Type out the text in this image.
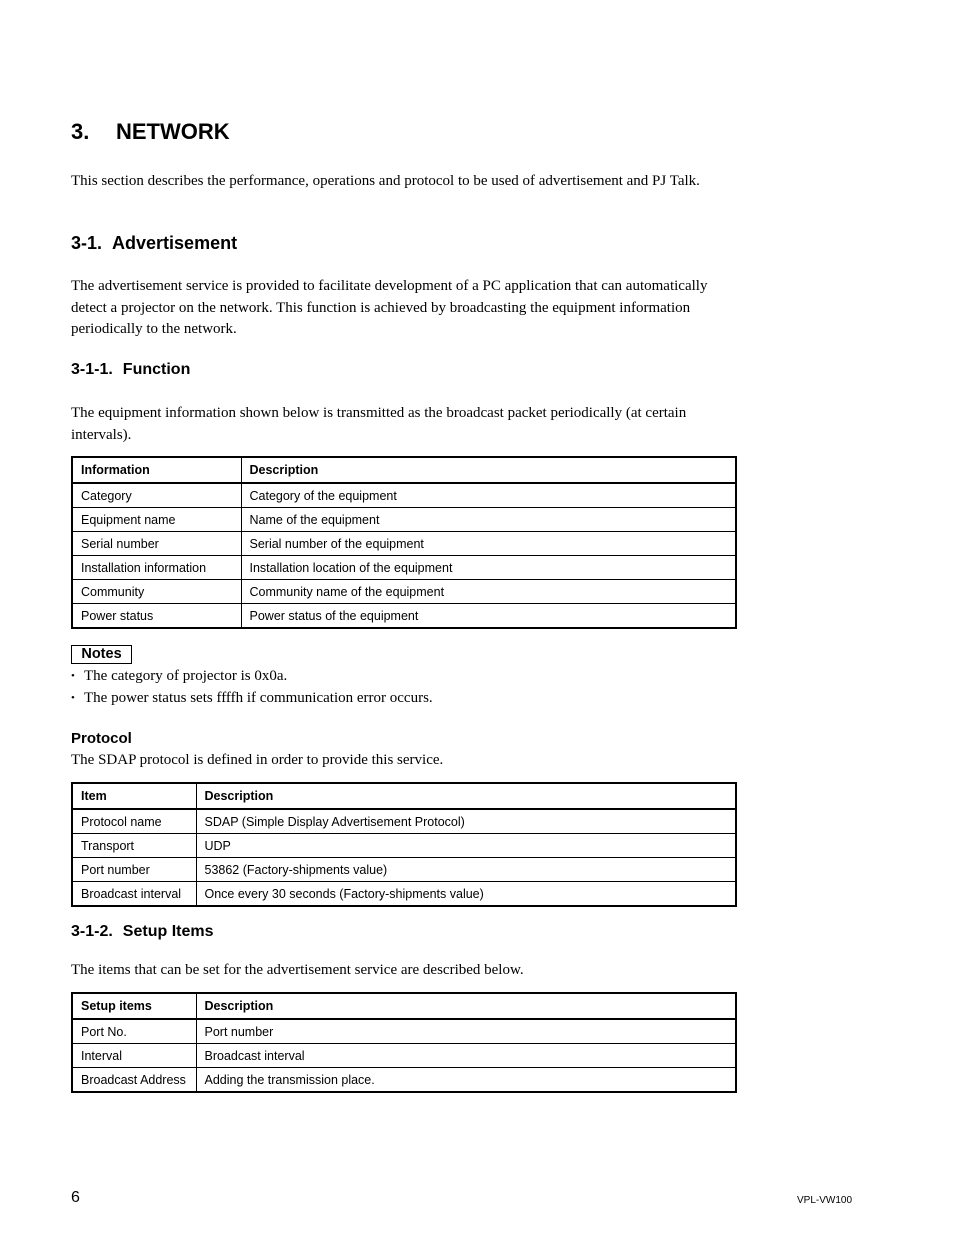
3. NETWORK
This section describes the performance, operations and protocol to be used of advertisement and PJ Talk.
3-1. Advertisement
The advertisement service is provided to facilitate development of a PC application that can automatically
detect a projector on the network. This function is achieved by broadcasting the equipment information
periodically to the network.
3-1-1. Function
The equipment information shown below is transmitted as the broadcast packet periodically (at certain
intervals).
Information	Description
Category	Category of the equipment
Equipment name	Name of the equipment
Serial number	Serial number of the equipment
Installation information	Installation location of the equipment
Community	Community name of the equipment
Power status	Power status of the equipment
Notes
• The category of projector is 0x0a.
• The power status sets ffffh if communication error occurs.
Protocol
The SDAP protocol is defined in order to provide this service.
Item	Description
Protocol name	SDAP (Simple Display Advertisement Protocol)
Transport	UDP
Port number	53862 (Factory-shipments value)
Broadcast interval	Once every 30 seconds (Factory-shipments value)
3-1-2. Setup Items
The items that can be set for the advertisement service are described below.
Setup items	Description
Port No.	Port number
Interval	Broadcast interval
Broadcast Address	Adding the transmission place.
6	VPL-VW100
